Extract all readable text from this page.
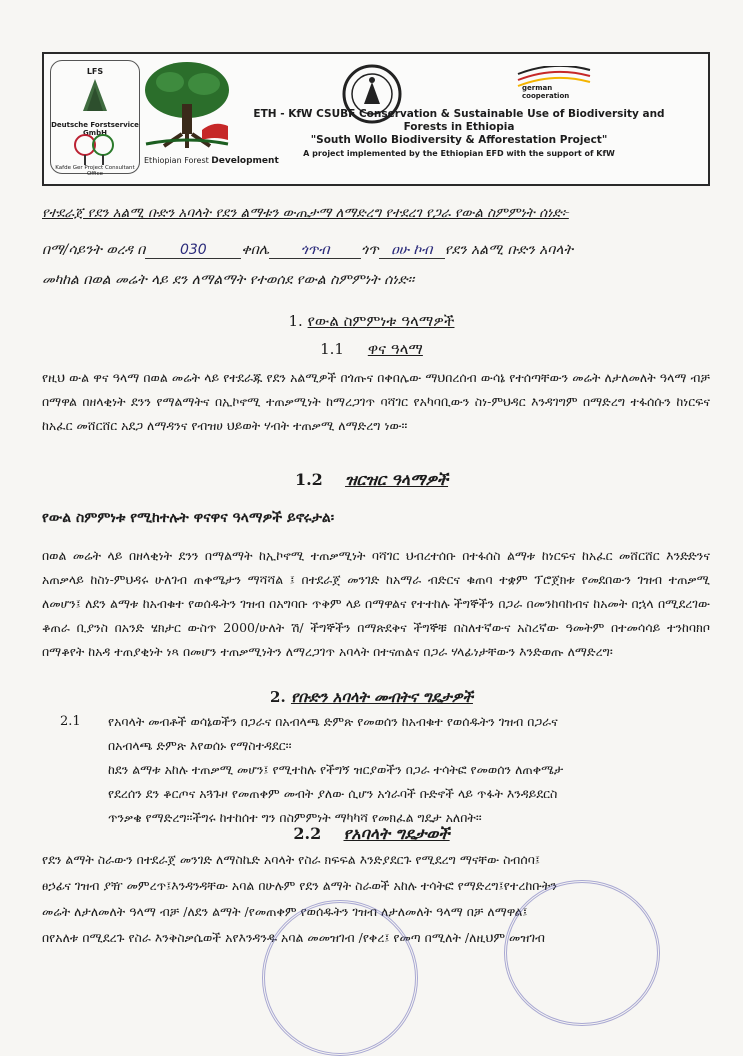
LFS
Deutsche Forstservice GmbH
Kafde Ger Project Consultant Office
Ethiopian Forest Development
german
cooperation
ETH - KfW CSUBF Conservation & Sustainable Use of Biodiversity and
Forests in Ethiopia
"South Wollo Biodiversity & Afforestation Project"
A project implemented by the Ethiopian EFD with the support of KfW
የተደራጀ የደን አልሚ ቡድን አባላት የደን ልማቱን ውጤታማ ለማድረግ የተደረገ የጋራ የውል ስምምነት ሰነድ፦
በማ/ሳይንት ወረዳ በ 030 ቀበሌ ጎጥብ ጎጥ ዐሁ ኮብ የደን አልሚ ቡድን አባላት
መካከል በወል መሬት ላይ ደን ለማልማት የተወሰደ የውል ስምምነት ሰነድ፡፡
1. የውል ስምምነቱ ዓላማዎች
1.1 ዋና ዓላማ
የዚህ ውል ዋና ዓላማ በወል መሬት ላይ የተደራጁ የደን አልሚዎች በጎጡና በቀበሌው ማህበረሰብ ውሳኔ የተሰጣቸውን መሬት ለታለመለት ዓላማ ብቻ በማዋል በዘላቂነት ደንን የማልማትና በኢኮኖሚ ተጠቃሚነት ከማረጋገጥ ባሻገር የአካባቢውን ስነ-ምህዳር እንዳገግም በማድረግ ተፋሰሱን ከነርፍና ከአፈር መሸርሸር አደጋ ለማዳንና የብዝሀ ህይወት ሃብት ተጠቃሚ ለማድረግ ነው፡፡
1.2 ዝርዝር ዓላማዎች
የውል ስምምነቱ የሚከተሉት ዋናዋና ዓላማዎች ይኖሩታል፡
በወል መሬት ላይ በዘላቂነት ደንን በማልማት ከኢኮኖሚ ተጠቃሚነት ባሻገር ህብረተሰቡ በተፋሰስ ልማቱ ከነርፍና ከአፈር መሸርሸር እንድድንና አጠቃላይ ከስነ-ምህዳሩ ሁለገብ ጠቀሜታን ማሻሻል ፤ በተደራጀ መንገድ ከአማራ ብድርና ቁጠባ ተቋም ፕሮጀክቱ የመደበውን ገዝብ ተጠቃሚ ለመሆን፤ ለደን ልማቱ ከአብቁተ የወሰዱትን ገዝብ በአግባቡ ጥቅም ላይ በማዋልና የተተከሉ ችግኞችን በጋራ በመንከባከብና ከአመት በኋላ በሚደረገው ቆጠራ ቢያንስ በአንድ ሄክታር ውስጥ 2000/ሁለት ሽ/ ችግኞችን በማጽደቅና ችግኞቹ በስለተኛውና አስረኛው ዓመትም በተመሳሳይ ተንከባክቦ በማቆየት ከአዳ ተጠያቂነት ነጻ በመሆን ተጠቃሚነትን ለማረጋገጥ አባላት በተናጠልና በጋራ ሃላፊነታቸውን እንድወጡ ለማድረግ፡
2. የቡድን አባላት መብትና ግዴታዎች
2.1 የአባላት መብቶች ወሳኔወችን በጋራና በአብላጫ ድምጽ የመወሰን ከአብቁተ የወሰዱትን ገዝብ በጋራና
በአብላጫ ድምጽ እየወሰኑ የማስተዳደር፡፡
ከደን ልማቱ አከሉ ተጠቃሚ መሆን፤ የሚተከሉ የችግኝ ዝርያወችን በጋራ ተሳትፎ የመወሰን ለጠቀሜታ
የደረሰን ደን ቆርጦና አጓጉዞ የመጠቀም መብት ያለው ሲሆን አጎራባች ቡድኖች ላይ ጥፋት እንዳይደርስ
ጥንቃቄ የማድረግ፡፡ችግሩ ከተከሰተ ግን በስምምነት ማካካሻ የመክፈል ግዴታ አለበት፡፡
2.2 የአባላት ግዴታወች
የደን ልማት ስራውን በተደራጀ መንገድ ለማስኬድ አባላት የስራ ክፍፍል እንድያደርጉ የሚደረግ ማናቸው ስብሰባ፤
ፀኃፊና ገዝብ ያዥ መምረጥ፤እንዳንዳቸው አባል በሁሉም የደን ልማት ስራወች አከሉ ተሳትፎ የማድረግ፤የተረከቡትን
መሬት ለታለመለት ዓላማ ብቻ /ለደን ልማት /የመጠቀም የወሰዱትን ገዝብ ለታለመለት ዓላማ በቻ ለማዋል፤
በየአለቱ በሚደረጉ የስራ እንቅስቃሴወች አየእንዳንዱ አባል መመዝገብ /የቀረ፤ የመጣ በሚለት /ለዚህም መዝገብ
